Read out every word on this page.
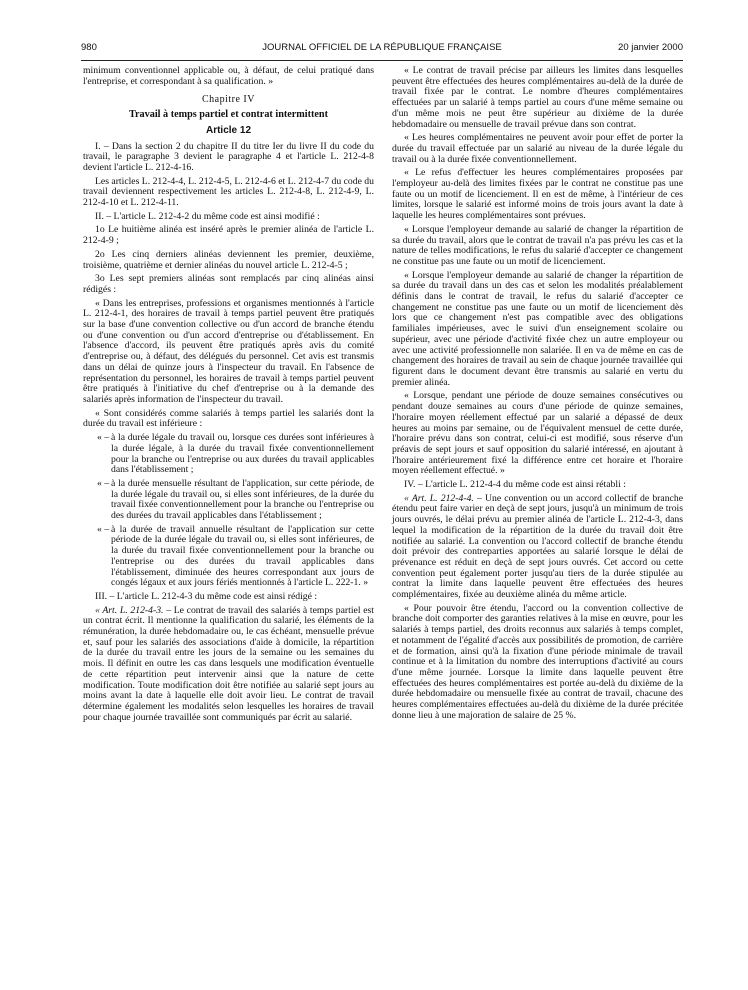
980	JOURNAL OFFICIEL DE LA RÉPUBLIQUE FRANÇAISE	20 janvier 2000

minimum conventionnel applicable ou, à défaut, de celui pratiqué dans l'entreprise, et correspondant à sa qualification. »

Chapitre IV

Travail à temps partiel et contrat intermittent

Article 12

I. – Dans la section 2 du chapitre II du titre Ier du livre II du code du travail, le paragraphe 3 devient le paragraphe 4 et l'article L. 212-4-8 devient l'article L. 212-4-16.

Les articles L. 212-4-4, L. 212-4-5, L. 212-4-6 et L. 212-4-7 du code du travail deviennent respectivement les articles L. 212-4-8, L. 212-4-9, L. 212-4-10 et L. 212-4-11.

II. – L'article L. 212-4-2 du même code est ainsi modifié :

1o Le huitième alinéa est inséré après le premier alinéa de l'article L. 212-4-9 ;

2o Les cinq derniers alinéas deviennent les premier, deuxième, troisième, quatrième et dernier alinéas du nouvel article L. 212-4-5 ;

3o Les sept premiers alinéas sont remplacés par cinq alinéas ainsi rédigés :

« Dans les entreprises, professions et organismes mentionnés à l'article L. 212-4-1, des horaires de travail à temps partiel peuvent être pratiqués sur la base d'une convention collective ou d'un accord de branche étendu ou d'une convention ou d'un accord d'entreprise ou d'établissement. En l'absence d'accord, ils peuvent être pratiqués après avis du comité d'entreprise ou, à défaut, des délégués du personnel. Cet avis est transmis dans un délai de quinze jours à l'inspecteur du travail. En l'absence de représentation du personnel, les horaires de travail à temps partiel peuvent être pratiqués à l'initiative du chef d'entreprise ou à la demande des salariés après information de l'inspecteur du travail.

« Sont considérés comme salariés à temps partiel les salariés dont la durée du travail est inférieure :

« – à la durée légale du travail ou, lorsque ces durées sont inférieures à la durée légale, à la durée du travail fixée conventionnellement pour la branche ou l'entreprise ou aux durées du travail applicables dans l'établissement ;

« – à la durée mensuelle résultant de l'application, sur cette période, de la durée légale du travail ou, si elles sont inférieures, de la durée du travail fixée conventionnellement pour la branche ou l'entreprise ou des durées du travail applicables dans l'établissement ;

« – à la durée de travail annuelle résultant de l'application sur cette période de la durée légale du travail ou, si elles sont inférieures, de la durée du travail fixée conventionnellement pour la branche ou l'entreprise ou des durées du travail applicables dans l'établissement, diminuée des heures correspondant aux jours de congés légaux et aux jours fériés mentionnés à l'article L. 222-1. »

III. – L'article L. 212-4-3 du même code est ainsi rédigé :

« Art. L. 212-4-3. – Le contrat de travail des salariés à temps partiel est un contrat écrit. Il mentionne la qualification du salarié, les éléments de la rémunération, la durée hebdomadaire ou, le cas échéant, mensuelle prévue et, sauf pour les salariés des associations d'aide à domicile, la répartition de la durée du travail entre les jours de la semaine ou les semaines du mois. Il définit en outre les cas dans lesquels une modification éventuelle de cette répartition peut intervenir ainsi que la nature de cette modification. Toute modification doit être notifiée au salarié sept jours au moins avant la date à laquelle elle doit avoir lieu. Le contrat de travail détermine également les modalités selon lesquelles les horaires de travail pour chaque journée travaillée sont communiqués par écrit au salarié.

« Le contrat de travail précise par ailleurs les limites dans lesquelles peuvent être effectuées des heures complémentaires au-delà de la durée de travail fixée par le contrat. Le nombre d'heures complémentaires effectuées par un salarié à temps partiel au cours d'une même semaine ou d'un même mois ne peut être supérieur au dixième de la durée hebdomadaire ou mensuelle de travail prévue dans son contrat.

« Les heures complémentaires ne peuvent avoir pour effet de porter la durée du travail effectuée par un salarié au niveau de la durée légale du travail ou à la durée fixée conventionnellement.

« Le refus d'effectuer les heures complémentaires proposées par l'employeur au-delà des limites fixées par le contrat ne constitue pas une faute ou un motif de licenciement. Il en est de même, à l'intérieur de ces limites, lorsque le salarié est informé moins de trois jours avant la date à laquelle les heures complémentaires sont prévues.

« Lorsque l'employeur demande au salarié de changer la répartition de sa durée du travail, alors que le contrat de travail n'a pas prévu les cas et la nature de telles modifications, le refus du salarié d'accepter ce changement ne constitue pas une faute ou un motif de licenciement.

« Lorsque l'employeur demande au salarié de changer la répartition de sa durée du travail dans un des cas et selon les modalités préalablement définis dans le contrat de travail, le refus du salarié d'accepter ce changement ne constitue pas une faute ou un motif de licenciement dès lors que ce changement n'est pas compatible avec des obligations familiales impérieuses, avec le suivi d'un enseignement scolaire ou supérieur, avec une période d'activité fixée chez un autre employeur ou avec une activité professionnelle non salariée. Il en va de même en cas de changement des horaires de travail au sein de chaque journée travaillée qui figurent dans le document devant être transmis au salarié en vertu du premier alinéa.

« Lorsque, pendant une période de douze semaines consécutives ou pendant douze semaines au cours d'une période de quinze semaines, l'horaire moyen réellement effectué par un salarié a dépassé de deux heures au moins par semaine, ou de l'équivalent mensuel de cette durée, l'horaire prévu dans son contrat, celui-ci est modifié, sous réserve d'un préavis de sept jours et sauf opposition du salarié intéressé, en ajoutant à l'horaire antérieurement fixé la différence entre cet horaire et l'horaire moyen réellement effectué. »

IV. – L'article L. 212-4-4 du même code est ainsi rétabli :

« Art. L. 212-4-4. – Une convention ou un accord collectif de branche étendu peut faire varier en deçà de sept jours, jusqu'à un minimum de trois jours ouvrés, le délai prévu au premier alinéa de l'article L. 212-4-3, dans lequel la modification de la répartition de la durée du travail doit être notifiée au salarié. La convention ou l'accord collectif de branche étendu doit prévoir des contreparties apportées au salarié lorsque le délai de prévenance est réduit en deçà de sept jours ouvrés. Cet accord ou cette convention peut également porter jusqu'au tiers de la durée stipulée au contrat la limite dans laquelle peuvent être effectuées des heures complémentaires, fixée au deuxième alinéa du même article.

« Pour pouvoir être étendu, l'accord ou la convention collective de branche doit comporter des garanties relatives à la mise en œuvre, pour les salariés à temps partiel, des droits reconnus aux salariés à temps complet, et notamment de l'égalité d'accès aux possibilités de promotion, de carrière et de formation, ainsi qu'à la fixation d'une période minimale de travail continue et à la limitation du nombre des interruptions d'activité au cours d'une même journée. Lorsque la limite dans laquelle peuvent être effectuées des heures complémentaires est portée au-delà du dixième de la durée hebdomadaire ou mensuelle fixée au contrat de travail, chacune des heures complémentaires effectuées au-delà du dixième de la durée précitée donne lieu à une majoration de salaire de 25 %.
